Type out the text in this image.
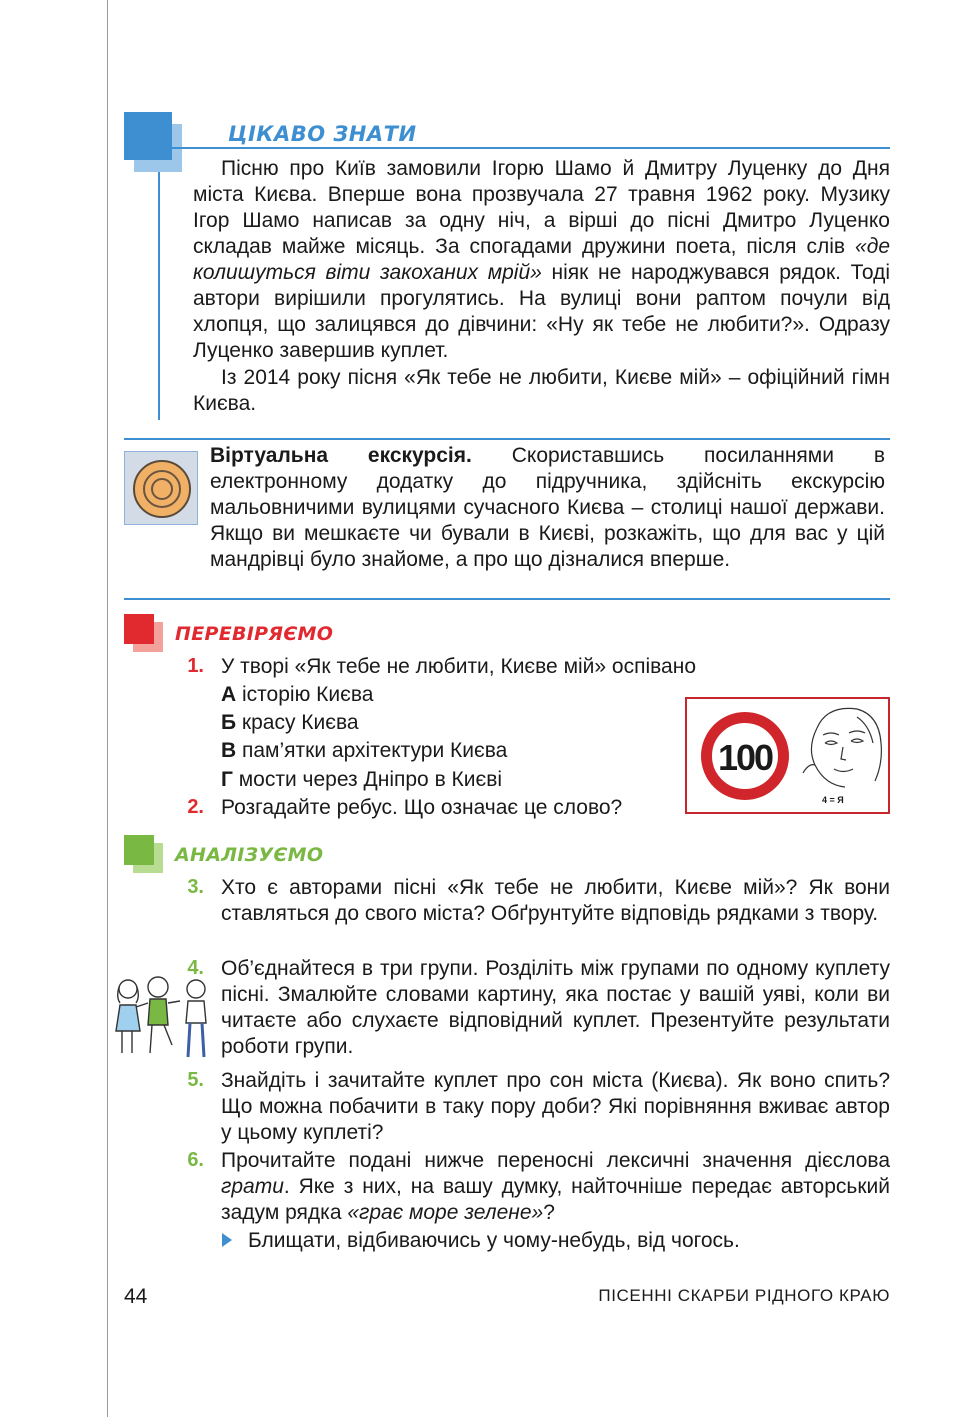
ЦІКАВО ЗНАТИ
Пісню про Київ замовили Ігорю Шамо й Дмитру Луценку до Дня міста Києва. Вперше вона прозвучала 27 травня 1962 року. Музику Ігор Шамо написав за одну ніч, а вірші до пісні Дмитро Луценко складав майже місяць. За спогадами дружини поета, після слів «де колишуться віти закоханих мрій» ніяк не народжувався рядок. Тоді автори вирішили прогулятись. На вулиці вони раптом почули від хлопця, що залицявся до дівчини: «Ну як тебе не любити?». Одразу Луценко завершив куплет.
Із 2014 року пісня «Як тебе не любити, Києве мій» – офіційний гімн Києва.
Віртуальна екскурсія. Скориставшись посиланнями в електронному додатку до підручника, здійсніть екскурсію мальовничими вулицями сучасного Києва – столиці нашої держави. Якщо ви мешкаєте чи бували в Києві, розкажіть, що для вас у цій мандрівці було знайоме, а про що дізналися вперше.
ПЕРЕВІРЯЄМО
1. У творі «Як тебе не любити, Києве мій» оспівано
А історію Києва
Б красу Києва
В пам’ятки архітектури Києва
Г мости через Дніпро в Києві
2. Розгадайте ребус. Що означає це слово?
100
4 = Я
АНАЛІЗУЄМО
3. Хто є авторами пісні «Як тебе не любити, Києве мій»? Як вони ставляться до свого міста? Обґрунтуйте відповідь рядками з твору.
4. Об’єднайтеся в три групи. Розділіть між групами по одному куплету пісні. Змалюйте словами картину, яка постає у вашій уяві, коли ви читаєте або слухаєте відповідний куплет. Презентуйте результати роботи групи.
5. Знайдіть і зачитайте куплет про сон міста (Києва). Як воно спить? Що можна побачити в таку пору доби? Які порівняння вживає автор у цьому куплеті?
6. Прочитайте подані нижче переносні лексичні значення дієслова грати. Яке з них, на вашу думку, найточніше передає авторський задум рядка «грає море зелене»?
Блищати, відбиваючись у чому-небудь, від чогось.
44	ПІСЕННІ СКАРБИ РІДНОГО КРАЮ
